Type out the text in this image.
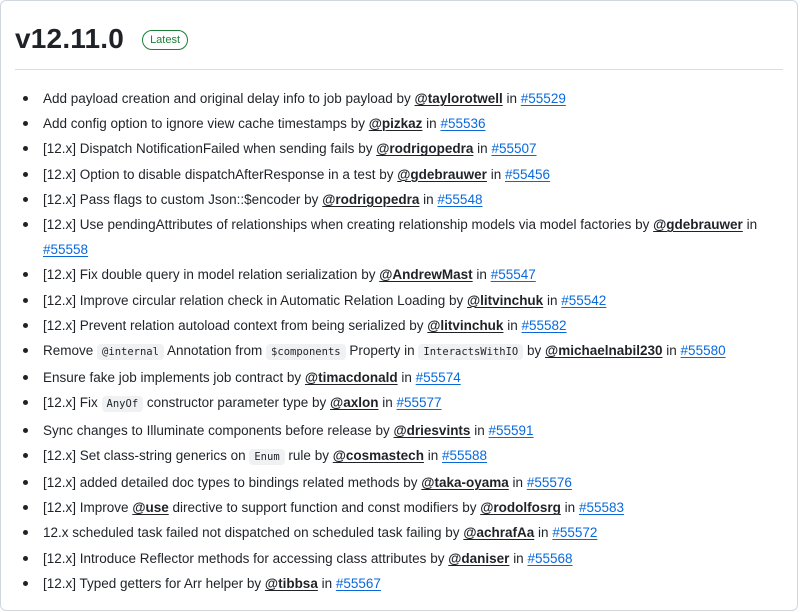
v12.11.0	Latest
Add payload creation and original delay info to job payload by @taylorotwell in #55529
Add config option to ignore view cache timestamps by @pizkaz in #55536
[12.x] Dispatch NotificationFailed when sending fails by @rodrigopedra in #55507
[12.x] Option to disable dispatchAfterResponse in a test by @gdebrauwer in #55456
[12.x] Pass flags to custom Json::$encoder by @rodrigopedra in #55548
[12.x] Use pendingAttributes of relationships when creating relationship models via model factories by @gdebrauwer in #55558
[12.x] Fix double query in model relation serialization by @AndrewMast in #55547
[12.x] Improve circular relation check in Automatic Relation Loading by @litvinchuk in #55542
[12.x] Prevent relation autoload context from being serialized by @litvinchuk in #55582
Remove @internal Annotation from $components Property in InteractsWithIO by @michaelnabil230 in #55580
Ensure fake job implements job contract by @timacdonald in #55574
[12.x] Fix AnyOf constructor parameter type by @axlon in #55577
Sync changes to Illuminate components before release by @driesvints in #55591
[12.x] Set class-string generics on Enum rule by @cosmastech in #55588
[12.x] added detailed doc types to bindings related methods by @taka-oyama in #55576
[12.x] Improve @use directive to support function and const modifiers by @rodolfosrg in #55583
12.x scheduled task failed not dispatched on scheduled task failing by @achrafAa in #55572
[12.x] Introduce Reflector methods for accessing class attributes by @daniser in #55568
[12.x] Typed getters for Arr helper by @tibbsa in #55567
